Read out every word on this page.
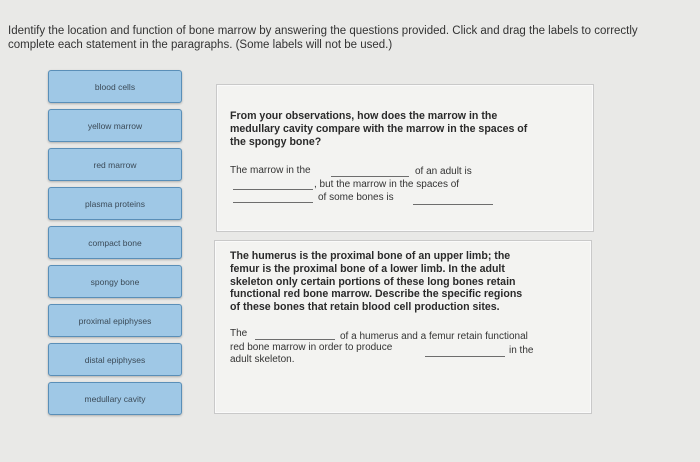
Identify the location and function of bone marrow by answering the questions provided. Click and drag the labels to correctly
complete each statement in the paragraphs. (Some labels will not be used.)
blood cells
yellow marrow
red marrow
plasma proteins
compact bone
spongy bone
proximal epiphyses
distal epiphyses
medullary cavity
From your observations, how does the marrow in the
medullary cavity compare with the marrow in the spaces of
the spongy bone?
The marrow in the	of an adult is
, but the marrow in the spaces of
of some bones is
The humerus is the proximal bone of an upper limb; the
femur is the proximal bone of a lower limb. In the adult
skeleton only certain portions of these long bones retain
functional red bone marrow. Describe the specific regions
of these bones that retain blood cell production sites.
The	of a humerus and a femur retain functional
red bone marrow in order to produce	in the
adult skeleton.
